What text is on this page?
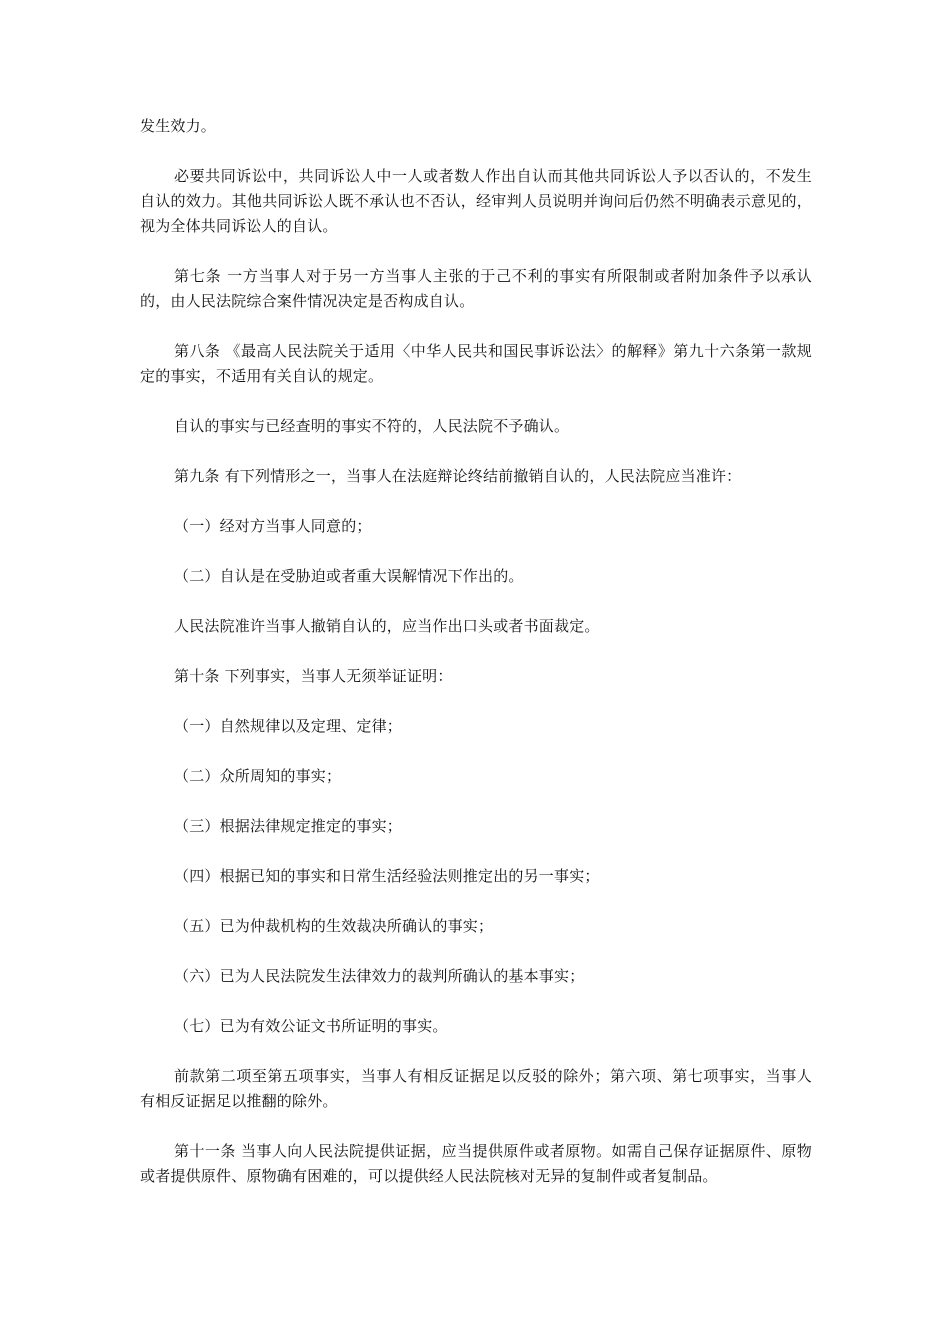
发生效力。

必要共同诉讼中，共同诉讼人中一人或者数人作出自认而其他共同诉讼人予以否认的，不发生自认的效力。其他共同诉讼人既不承认也不否认，经审判人员说明并询问后仍然不明确表示意见的，视为全体共同诉讼人的自认。

第七条 一方当事人对于另一方当事人主张的于己不利的事实有所限制或者附加条件予以承认的，由人民法院综合案件情况决定是否构成自认。

第八条 《最高人民法院关于适用〈中华人民共和国民事诉讼法〉的解释》第九十六条第一款规定的事实，不适用有关自认的规定。

自认的事实与已经查明的事实不符的，人民法院不予确认。

第九条 有下列情形之一，当事人在法庭辩论终结前撤销自认的，人民法院应当准许：

（一）经对方当事人同意的；

（二）自认是在受胁迫或者重大误解情况下作出的。

人民法院准许当事人撤销自认的，应当作出口头或者书面裁定。

第十条 下列事实，当事人无须举证证明：

（一）自然规律以及定理、定律；

（二）众所周知的事实；

（三）根据法律规定推定的事实；

（四）根据已知的事实和日常生活经验法则推定出的另一事实；

（五）已为仲裁机构的生效裁决所确认的事实；

（六）已为人民法院发生法律效力的裁判所确认的基本事实；

（七）已为有效公证文书所证明的事实。

前款第二项至第五项事实，当事人有相反证据足以反驳的除外；第六项、第七项事实，当事人有相反证据足以推翻的除外。

第十一条 当事人向人民法院提供证据，应当提供原件或者原物。如需自己保存证据原件、原物或者提供原件、原物确有困难的，可以提供经人民法院核对无异的复制件或者复制品。
